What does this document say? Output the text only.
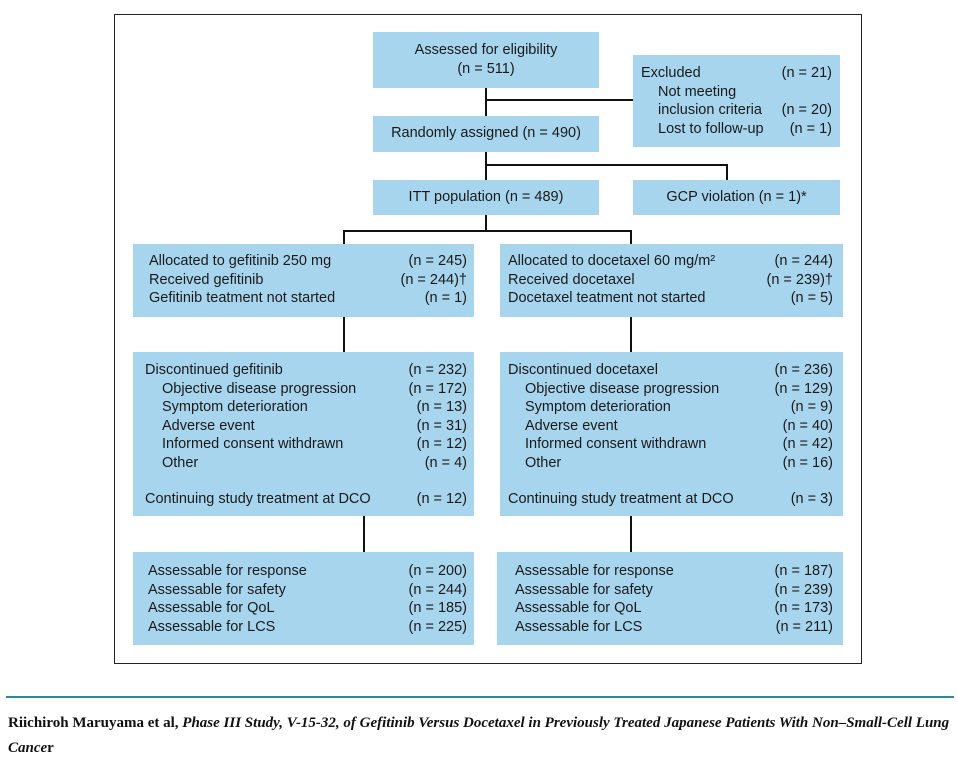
Assessed for eligibility
(n = 511)	Excluded	(n = 21)
Not meeting
inclusion criteria (n = 20)
Lost to follow-up (n = 1)
Randomly assigned (n = 490)
ITT population (n = 489)	GCP violation (n = 1)*
Allocated to gefitinib 250 mg	(n = 245)
Received gefitinib	(n = 244)†
Gefitinib teatment not started	(n = 1)
Discontinued gefitinib	(n = 232)
Objective disease progression	(n = 172)
Symptom deterioration	(n = 13)
Adverse event	(n = 31)
Informed consent withdrawn	(n = 12)
Other	(n = 4)
Continuing study treatment at DCO	(n = 12)
Assessable for response	(n = 200)
Assessable for safety	(n = 244)
Assessable for QoL	(n = 185)
Assessable for LCS	(n = 225)
Allocated to docetaxel 60 mg/m²	(n = 244)
Received docetaxel	(n = 239)†
Docetaxel teatment not started	(n = 5)
Discontinued docetaxel	(n = 236)
Objective disease progression	(n = 129)
Symptom deterioration	(n = 9)
Adverse event	(n = 40)
Informed consent withdrawn	(n = 42)
Other	(n = 16)
Continuing study treatment at DCO	(n = 3)
Assessable for response	(n = 187)
Assessable for safety	(n = 239)
Assessable for QoL	(n = 173)
Assessable for LCS	(n = 211)
Riichiroh Maruyama et al, Phase III Study, V-15-32, of Gefitinib Versus Docetaxel in Previously Treated Japanese Patients With Non–Small-Cell Lung Cancer
